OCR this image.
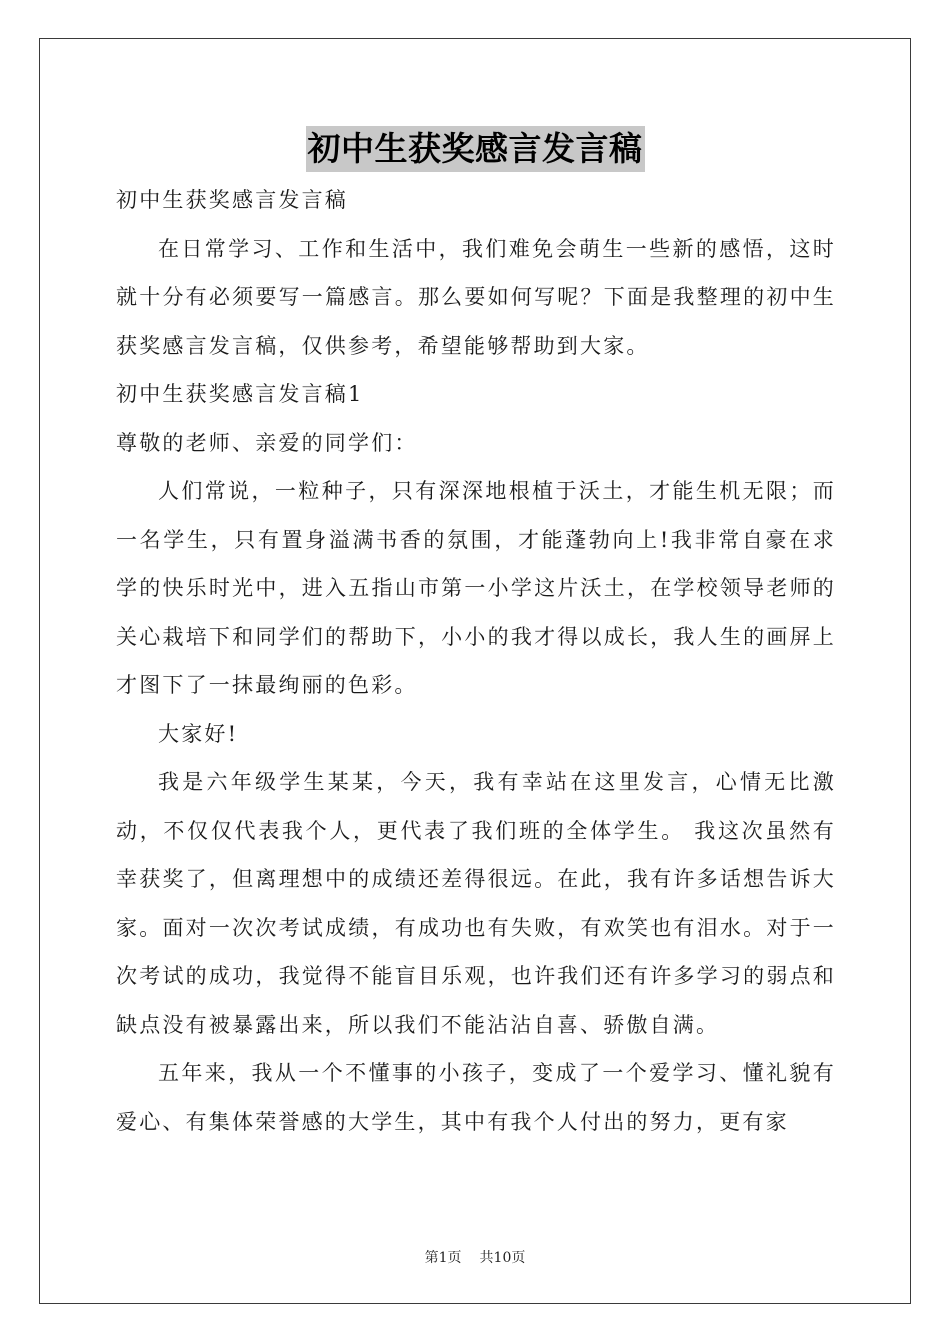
初中生获奖感言发言稿

初中生获奖感言发言稿

在日常学习、工作和生活中，我们难免会萌生一些新的感悟，这时就十分有必须要写一篇感言。那么要如何写呢？下面是我整理的初中生获奖感言发言稿，仅供参考，希望能够帮助到大家。

初中生获奖感言发言稿1

尊敬的老师、亲爱的同学们：

人们常说，一粒种子，只有深深地根植于沃土，才能生机无限；而一名学生，只有置身溢满书香的氛围，才能蓬勃向上!我非常自豪在求学的快乐时光中，进入五指山市第一小学这片沃土，在学校领导老师的关心栽培下和同学们的帮助下，小小的我才得以成长，我人生的画屏上才图下了一抹最绚丽的色彩。

大家好!

我是六年级学生某某，今天，我有幸站在这里发言，心情无比激动，不仅仅代表我个人，更代表了我们班的全体学生。 我这次虽然有幸获奖了，但离理想中的成绩还差得很远。在此，我有许多话想告诉大家。面对一次次考试成绩，有成功也有失败，有欢笑也有泪水。对于一次考试的成功，我觉得不能盲目乐观，也许我们还有许多学习的弱点和缺点没有被暴露出来，所以我们不能沾沾自喜、骄傲自满。

五年来，我从一个不懂事的小孩子，变成了一个爱学习、懂礼貌有爱心、有集体荣誉感的大学生，其中有我个人付出的努力，更有家

第1页 共10页
